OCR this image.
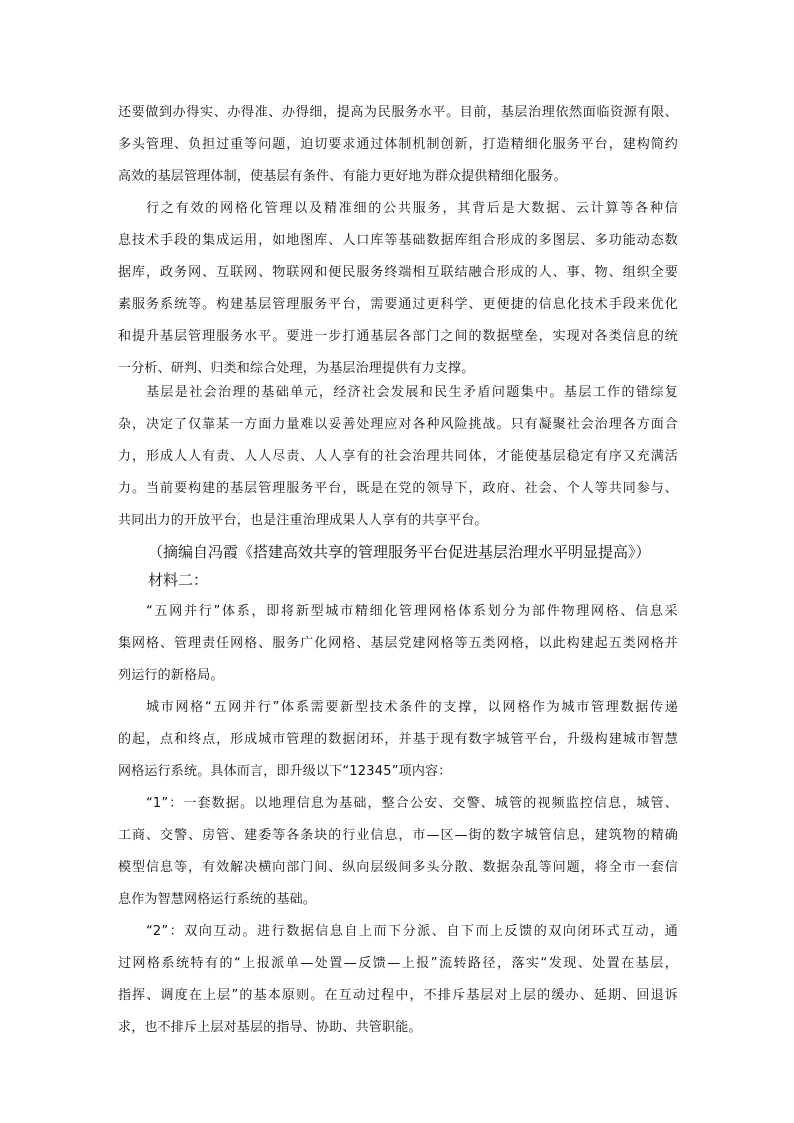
还要做到办得实、办得准、办得细，提高为民服务水平。目前，基层治理依然面临资源有限、
多头管理、负担过重等问题，迫切要求通过体制机制创新，打造精细化服务平台，建构简约
高效的基层管理体制，使基层有条件、有能力更好地为群众提供精细化服务。
行之有效的网格化管理以及精准细的公共服务，其背后是大数据、云计算等各种信
息技术手段的集成运用，如地图库、人口库等基础数据库组合形成的多图层、多功能动态数
据库，政务网、互联网、物联网和便民服务终端相互联结融合形成的人、事、物、组织全要
素服务系统等。构建基层管理服务平台，需要通过更科学、更便捷的信息化技术手段来优化
和提升基层管理服务水平。要进一步打通基层各部门之间的数据壁垒，实现对各类信息的统
一分析、研判、归类和综合处理，为基层治理提供有力支撑。
基层是社会治理的基础单元，经济社会发展和民生矛盾问题集中。基层工作的错综复
杂，决定了仅靠某一方面力量难以妥善处理应对各种风险挑战。只有凝聚社会治理各方面合
力，形成人人有责、人人尽责、人人享有的社会治理共同体，才能使基层稳定有序又充满活
力。当前要构建的基层管理服务平台，既是在党的领导下，政府、社会、个人等共同参与、
共同出力的开放平台，也是注重治理成果人人享有的共享平台。
（摘编自冯霞《搭建高效共享的管理服务平台促进基层治理水平明显提高》）
材料二：
“五网并行”体系，即将新型城市精细化管理网格体系划分为部件物理网格、信息采
集网格、管理责任网格、服务广化网格、基层党建网格等五类网格，以此构建起五类网格并
列运行的新格局。
城市网格“五网并行”体系需要新型技术条件的支撑，以网格作为城市管理数据传递
的起，点和终点，形成城市管理的数据闭环，并基于现有数字城管平台，升级构建城市智慧
网格运行系统。具体而言，即升级以下“12345”项内容：
“1”：一套数据。以地理信息为基础，整合公安、交警、城管的视频监控信息，城管、
工商、交警、房管、建委等各条块的行业信息，市—区—街的数字城管信息，建筑物的精确
模型信息等，有效解决横向部门间、纵向层级间多头分散、数据杂乱等问题，将全市一套信
息作为智慧网格运行系统的基础。
“2”：双向互动。进行数据信息自上而下分派、自下而上反馈的双向闭环式互动，通
过网格系统特有的“上报派单—处置—反馈—上报”流转路径，落实“发现、处置在基层，
指挥、调度在上层”的基本原则。在互动过程中，不排斥基层对上层的缓办、延期、回退诉
求，也不排斥上层对基层的指导、协助、共管职能。
